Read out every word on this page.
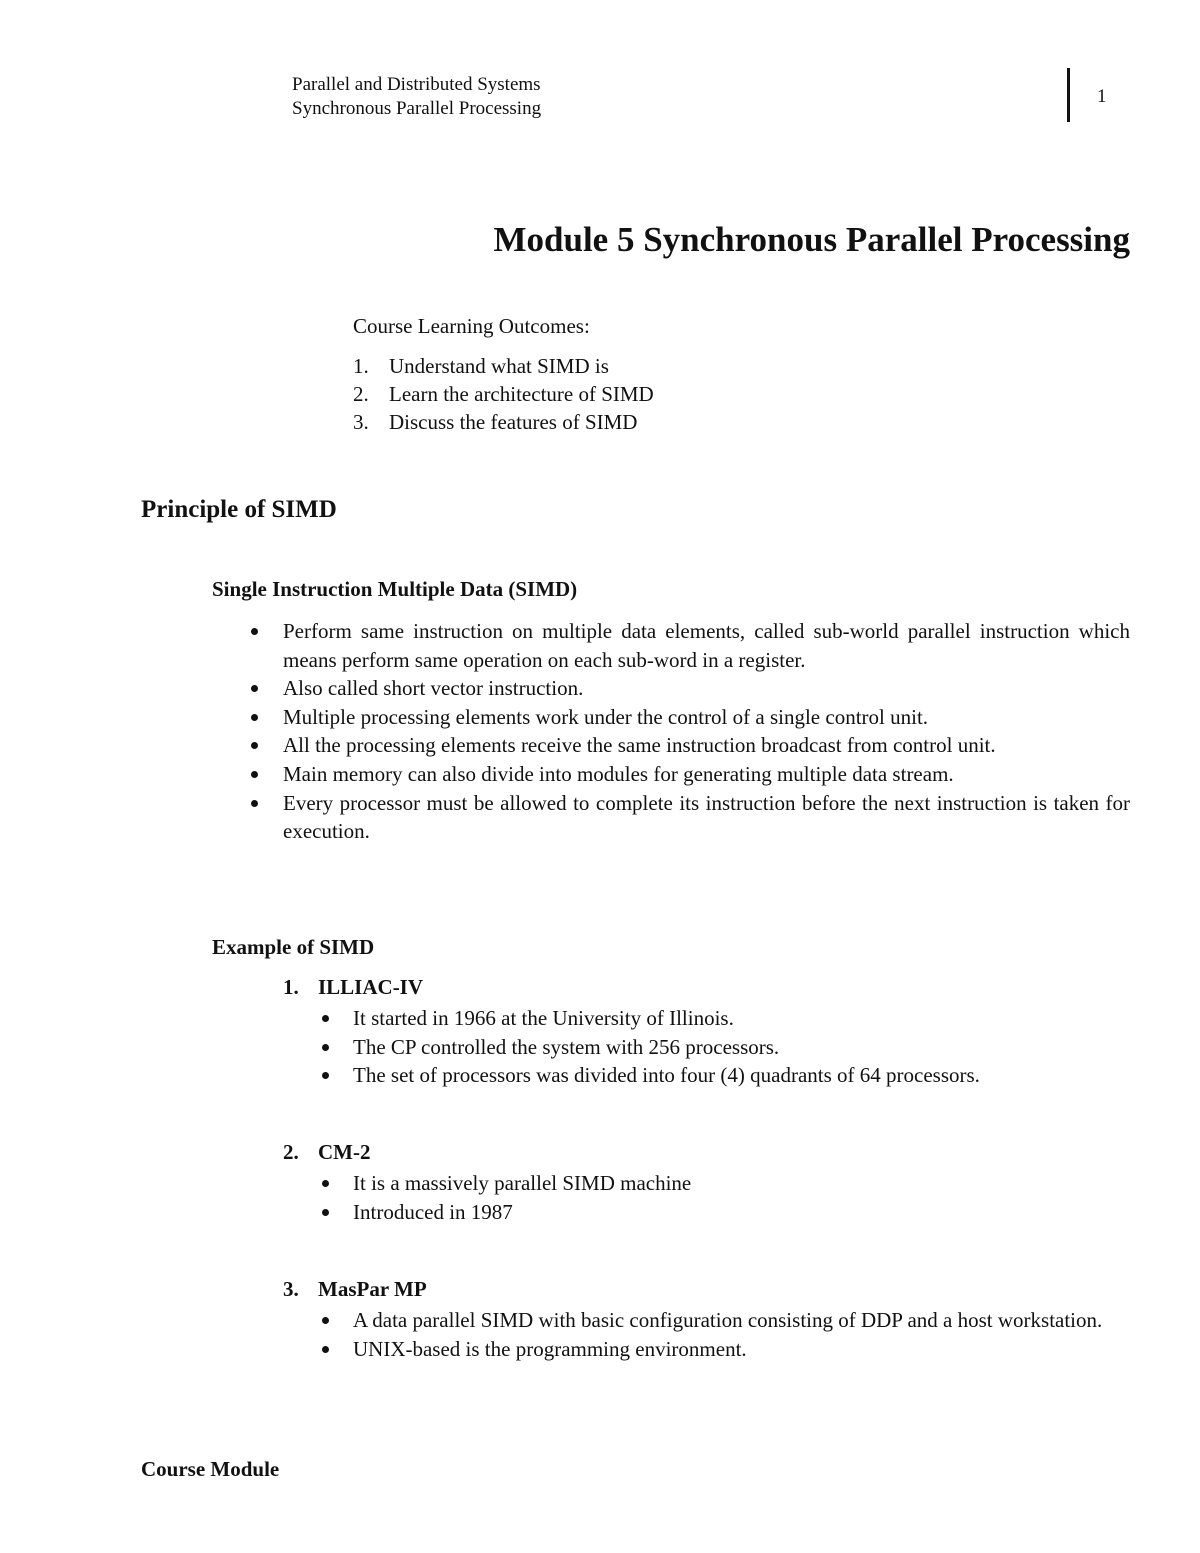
Parallel and Distributed Systems
Synchronous Parallel Processing
1
Module 5 Synchronous Parallel Processing
Course Learning Outcomes:
1. Understand what SIMD is
2. Learn the architecture of SIMD
3. Discuss the features of SIMD
Principle of SIMD
Single Instruction Multiple Data (SIMD)
Perform same instruction on multiple data elements, called sub-world parallel instruction which means perform same operation on each sub-word in a register.
Also called short vector instruction.
Multiple processing elements work under the control of a single control unit.
All the processing elements receive the same instruction broadcast from control unit.
Main memory can also divide into modules for generating multiple data stream.
Every processor must be allowed to complete its instruction before the next instruction is taken for execution.
Example of SIMD
1. ILLIAC-IV
It started in 1966 at the University of Illinois.
The CP controlled the system with 256 processors.
The set of processors was divided into four (4) quadrants of 64 processors.
2. CM-2
It is a massively parallel SIMD machine
Introduced in 1987
3. MasPar MP
A data parallel SIMD with basic configuration consisting of DDP and a host workstation.
UNIX-based is the programming environment.
Course Module
